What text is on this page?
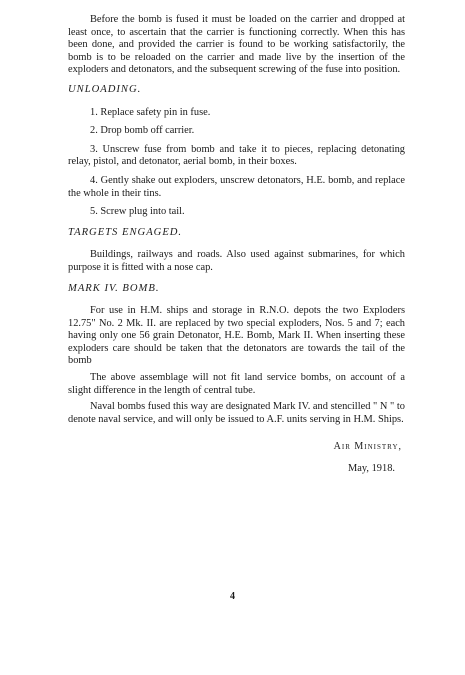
Before the bomb is fused it must be loaded on the carrier and dropped at least once, to ascertain that the carrier is functioning correctly. When this has been done, and provided the carrier is found to be working satisfactorily, the bomb is to be reloaded on the carrier and made live by the insertion of the exploders and detonators, and the subsequent screwing of the fuse into position.

UNLOADING.

1. Replace safety pin in fuse.

2. Drop bomb off carrier.

3. Unscrew fuse from bomb and take it to pieces, replacing detonating relay, pistol, and detonator, aerial bomb, in their boxes.

4. Gently shake out exploders, unscrew detonators, H.E. bomb, and replace the whole in their tins.

5. Screw plug into tail.

TARGETS ENGAGED.

Buildings, railways and roads. Also used against submarines, for which purpose it is fitted with a nose cap.

MARK IV. BOMB.

For use in H.M. ships and storage in R.N.O. depots the two Exploders 12.75" No. 2 Mk. II. are replaced by two special exploders, Nos. 5 and 7; each having only one 56 grain Detonator, H.E. Bomb, Mark II. When inserting these exploders care should be taken that the detonators are towards the tail of the bomb

The above assemblage will not fit land service bombs, on account of a slight difference in the length of central tube.

Naval bombs fused this way are designated Mark IV. and stencilled " N " to denote naval service, and will only be issued to A.F. units serving in H.M. Ships.

Air Ministry,
May, 1918.
4
